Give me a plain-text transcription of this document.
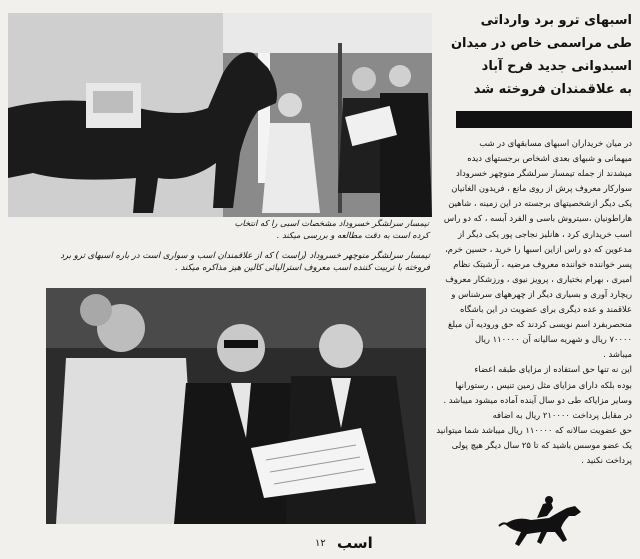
تیمسار سرلشگر خسروداد مشخصات اسبی را که انتخاب
کرده است به دقت مطالعه و بررسی میکند .
تیمسار سرلشگر منوچهر خسروداد (راست ) که از علاقمندان اسب و سواری است در باره اسبهای ترو برد
فروخته با تربیت کننده اسب معروف استرالیائی کالین هیز مذاکره میکند .
اسبهای ترو برد وارداتی
طی مراسمی خاص در میدان
اسبدوانی جدید فرح آباد
به علاقمندان فروخته شد
در میان خریداران اسبهای مسابقهای در شب
میهمانی و شبهای بعدی اشخاص برجستهای دیده
میشدند از جمله تیمسار سرلشگر منوچهر خسروداد
سوارکار معروف پرش از روی مانع ، فریدون الغانیان
یکی دیگر ازشخصیتهای برجسته در این زمینه ، شاهین
هاراطونیان ،سیتروش باسی و الفرد آبسه ، که دو راس
اسب خریداری کرد ، هانلیز نجاجی پور یکی دیگر از
مدعوین که دو راس ازاین اسبها را خرید ، حسین خرم،
پسر خواننده خواننده معروف مرضیه ، آرشیتک نظام
امیری ، بهرام بختیاری ، پرویز نیوی ، ورزشکار معروف
ریچارد آوری و بسیاری دیگر از چهرههای سرشناس و
علاقمند و عده دیگری برای عضویت در این باشگاه
منحصربفرد اسم نویسی کردند که حق ورودیه آن مبلغ
۷۰۰۰۰ ریال و شهریه سالیانه آن ۱۱۰۰۰۰ ریال
میباشد .
این نه تنها حق استفاده از مزایای طبقه اعضاء
بوده بلکه دارای مزایای مثل زمین تنیس ، رستورانها
وسایر مزایاکه طی دو سال آینده آماده میشود میباشد .
در مقابل پرداخت ۲۱۰۰۰۰ ریال به اضافه
حق عضویت سالانه که ۱۱۰۰۰۰ ریال میباشد شما میتوانید
یک عضو موسس باشید که تا ۲۵ سال دیگر هیچ پولی
پرداخت نکنید .
۱۲ اسب
